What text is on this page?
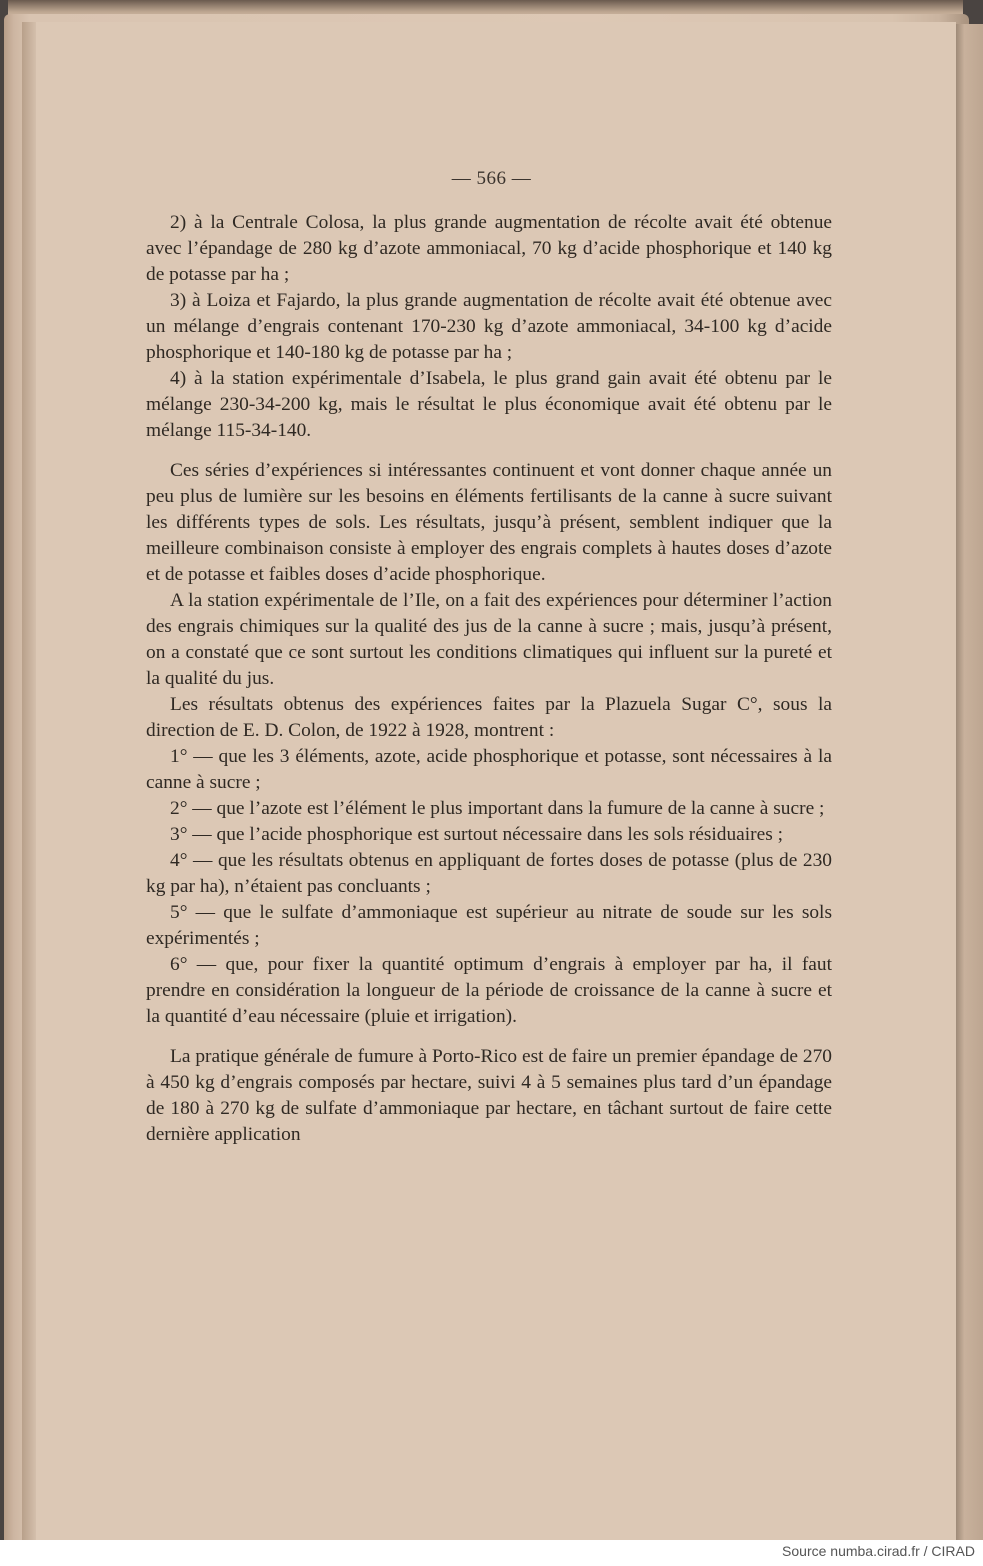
— 566 —

2) à la Centrale Colosa, la plus grande augmentation de récolte avait été obtenue avec l’épandage de 280 kg d’azote ammoniacal, 70 kg d’acide phosphorique et 140 kg de potasse par ha ;

3) à Loiza et Fajardo, la plus grande augmentation de récolte avait été obtenue avec un mélange d’engrais contenant 170-230 kg d’azote ammoniacal, 34-100 kg d’acide phosphorique et 140-180 kg de potasse par ha ;

4) à la station expérimentale d’Isabela, le plus grand gain avait été obtenu par le mélange 230-34-200 kg, mais le résultat le plus économique avait été obtenu par le mélange 115-34-140.

Ces séries d’expériences si intéressantes continuent et vont donner chaque année un peu plus de lumière sur les besoins en éléments fertilisants de la canne à sucre suivant les différents types de sols. Les résultats, jusqu’à présent, semblent indiquer que la meilleure combinaison consiste à employer des engrais complets à hautes doses d’azote et de potasse et faibles doses d’acide phosphorique.

A la station expérimentale de l’Ile, on a fait des expériences pour déterminer l’action des engrais chimiques sur la qualité des jus de la canne à sucre ; mais, jusqu’à présent, on a constaté que ce sont surtout les conditions climatiques qui influent sur la pureté et la qualité du jus.

Les résultats obtenus des expériences faites par la Plazuela Sugar C°, sous la direction de E. D. Colon, de 1922 à 1928, montrent :

1° — que les 3 éléments, azote, acide phosphorique et potasse, sont nécessaires à la canne à sucre ;

2° — que l’azote est l’élément le plus important dans la fumure de la canne à sucre ;

3° — que l’acide phosphorique est surtout nécessaire dans les sols résiduaires ;

4° — que les résultats obtenus en appliquant de fortes doses de potasse (plus de 230 kg par ha), n’étaient pas concluants ;

5° — que le sulfate d’ammoniaque est supérieur au nitrate de soude sur les sols expérimentés ;

6° — que, pour fixer la quantité optimum d’engrais à employer par ha, il faut prendre en considération la longueur de la période de croissance de la canne à sucre et la quantité d’eau nécessaire (pluie et irrigation).

La pratique générale de fumure à Porto-Rico est de faire un premier épandage de 270 à 450 kg d’engrais composés par hectare, suivi 4 à 5 semaines plus tard d’un épandage de 180 à 270 kg de sulfate d’ammoniaque par hectare, en tâchant surtout de faire cette dernière application

Source numba.cirad.fr / CIRAD
